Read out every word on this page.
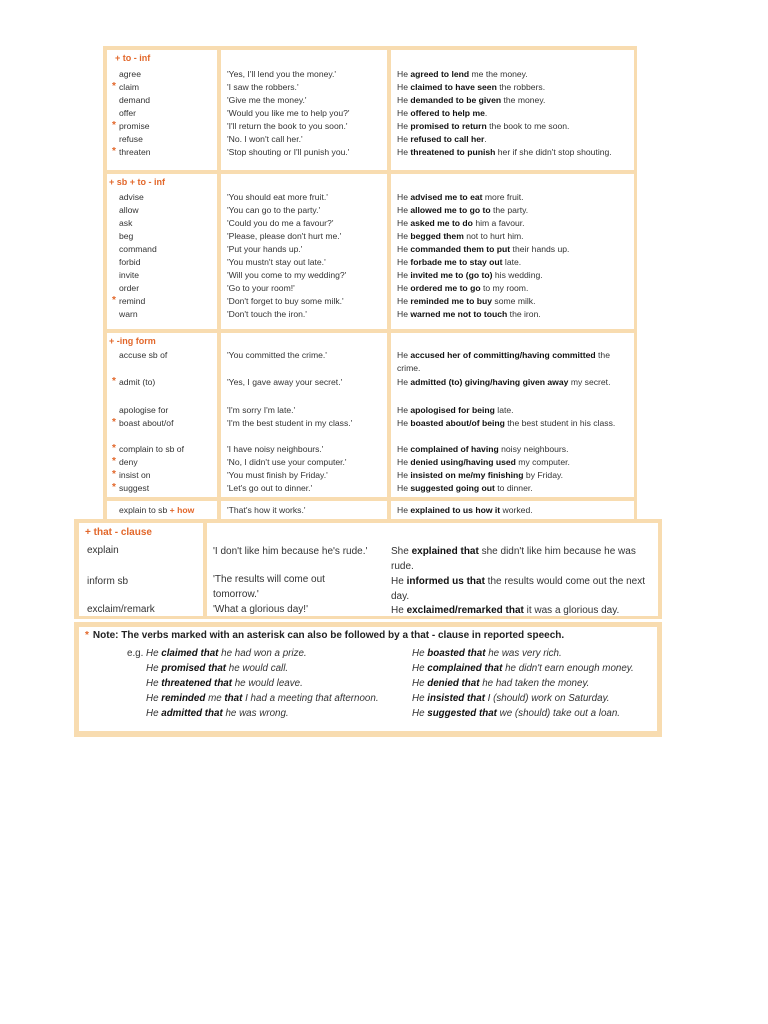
+ to - inf
agree
* claim
demand
offer
* promise
refuse
* threaten
'Yes, I'll lend you the money.'
'I saw the robbers.'
'Give me the money.'
'Would you like me to help you?'
'I'll return the book to you soon.'
'No. I won't call her.'
'Stop shouting or I'll punish you.'
He agreed to lend me the money.
He claimed to have seen the robbers.
He demanded to be given the money.
He offered to help me.
He promised to return the book to me soon.
He refused to call her.
He threatened to punish her if she didn't stop shouting.
+ sb + to - inf
advise
allow
ask
beg
command
forbid
invite
order
* remind
warn
'You should eat more fruit.'
'You can go to the party.'
'Could you do me a favour?'
'Please, please don't hurt me.'
'Put your hands up.'
'You mustn't stay out late.'
'Will you come to my wedding?'
'Go to your room!'
'Don't forget to buy some milk.'
'Don't touch the iron.'
He advised me to eat more fruit.
He allowed me to go to the party.
He asked me to do him a favour.
He begged them not to hurt him.
He commanded them to put their hands up.
He forbade me to stay out late.
He invited me to (go to) his wedding.
He ordered me to go to my room.
He reminded me to buy some milk.
He warned me not to touch the iron.
+ -ing form
accuse sb of
* admit (to)
apologise for
* boast about/of
* complain to sb of
* deny
* insist on
* suggest
'You committed the crime.'
'Yes, I gave away your secret.'
'I'm sorry I'm late.'
'I'm the best student in my class.'
'I have noisy neighbours.'
'No, I didn't use your computer.'
'You must finish by Friday.'
'Let's go out to dinner.'
He accused her of committing/having committed the crime.
He admitted (to) giving/having given away my secret.
He apologised for being late.
He boasted about/of being the best student in his class.
He complained of having noisy neighbours.
He denied using/having used my computer.
He insisted on me/my finishing by Friday.
He suggested going out to dinner.
explain to sb + how	'That's how it works.'	He explained to us how it worked.
+ that - clause
explain
inform sb
exclaim/remark
'I don't like him because he's rude.'
'The results will come out tomorrow.'
'What a glorious day!'
She explained that she didn't like him because he was rude.
He informed us that the results would come out the next day.
He exclaimed/remarked that it was a glorious day.
* Note: The verbs marked with an asterisk can also be followed by a that - clause in reported speech.
e.g. He claimed that he had won a prize.
He promised that he would call.
He threatened that he would leave.
He reminded me that I had a meeting that afternoon.
He admitted that he was wrong.
He boasted that he was very rich.
He complained that he didn't earn enough money.
He denied that he had taken the money.
He insisted that I (should) work on Saturday.
He suggested that we (should) take out a loan.
